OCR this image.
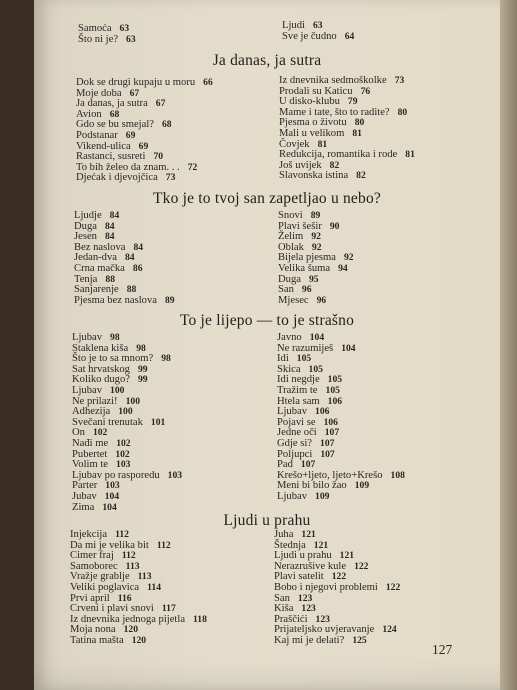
Samoća 63
Što ni je? 63
Ljudi 63
Sve je čudno 64
Ja danas, ja sutra
Dok se drugi kupaju u moru 66
Moje doba 67
Ja danas, ja sutra 67
Avion 68
Gdo se bu smejal? 68
Podstanar 69
Vikend-ulica 69
Rastanci, susreti 70
To bih želeo da znam. . . 72
Djećak i djevojčica 73
Iz dnevnika sedmoškolke 73
Prodali su Katicu 76
U disko-klubu 79
Mame i tate, što to radite? 80
Pjesma o životu 80
Mali u velikom 81
Čovjek 81
Redukcija, romantika i rode 81
Još uvijek 82
Slavonska istina 82
Tko je to tvoj san zapetljao u nebo?
Ljudje 84
Duga 84
Jesen 84
Bez naslova 84
Jedan-dva 84
Crna mačka 86
Tenja 88
Sanjarenje 88
Pjesma bez naslova 89
Snovi 89
Plavi šešir 90
Želim 92
Oblak 92
Bijela pjesma 92
Velika šuma 94
Duga 95
San 96
Mjesec 96
To je lijepo — to je strašno
Ljubav 98
Staklena kiša 98
Što je to sa mnom? 98
Sat hrvatskog 99
Koliko dugo? 99
Ljubav 100
Ne prilazi! 100
Adhezija 100
Svečani trenutak 101
On 102
Nađi me 102
Pubertet 102
Volim te 103
Ljubav po rasporedu 103
Parter 103
Jubav 104
Zima 104
Javno 104
Ne razumiješ 104
Idi 105
Skica 105
Idi negdje 105
Tražim te 105
Htela sam 106
Ljubav 106
Pojavi se 106
Jedne oči 107
Gdje si? 107
Poljupci 107
Pad 107
Krešo+ljeto, ljeto+Krešo 108
Meni bi bilo žao 109
Ljubav 109
Ljudi u prahu
Injekcija 112
Da mi je velika bit 112
Cimer fraj 112
Samoborec 113
Vražje grablje 113
Veliki poglavica 114
Prvi april 116
Crveni i plavi snovi 117
Iz dnevnika jednoga pijetla 118
Moja nona 120
Tatina mašta 120
Juha 121
Štednja 121
Ljudi u prahu 121
Nerazrušive kule 122
Plavi satelit 122
Bobo i njegovi problemi 122
San 123
Kiša 123
Praščići 123
Prijateljsko uvjeravanje 124
Kaj mi je delati? 125
127
